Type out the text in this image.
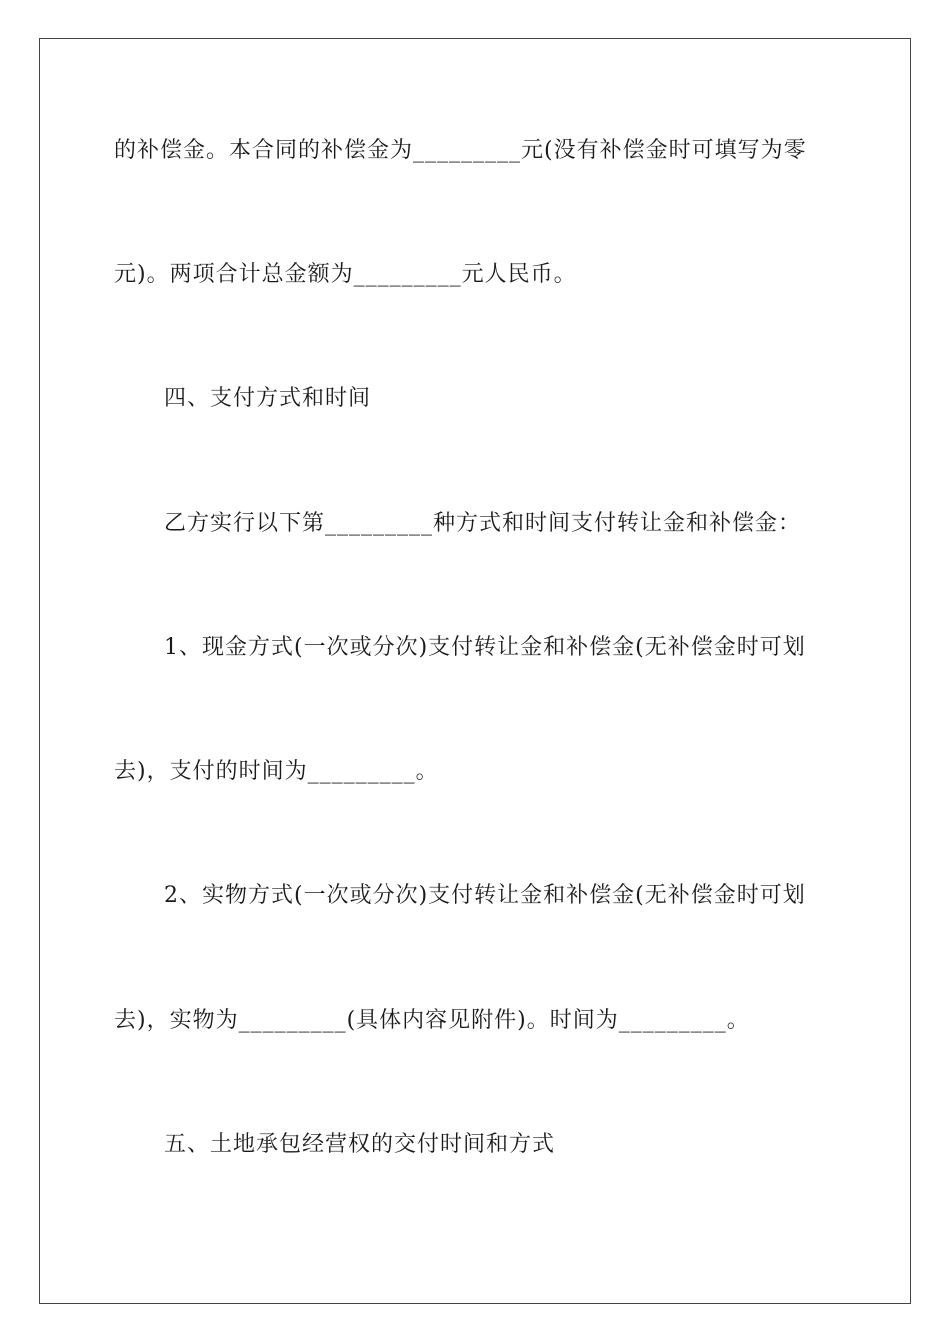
的补偿金。本合同的补偿金为_________元(没有补偿金时可填写为零
元)。两项合计总金额为_________元人民币。
四、支付方式和时间
乙方实行以下第_________种方式和时间支付转让金和补偿金：
1、现金方式(一次或分次)支付转让金和补偿金(无补偿金时可划
去)，支付的时间为_________。
2、实物方式(一次或分次)支付转让金和补偿金(无补偿金时可划
去)，实物为_________(具体内容见附件)。时间为_________。
五、土地承包经营权的交付时间和方式
